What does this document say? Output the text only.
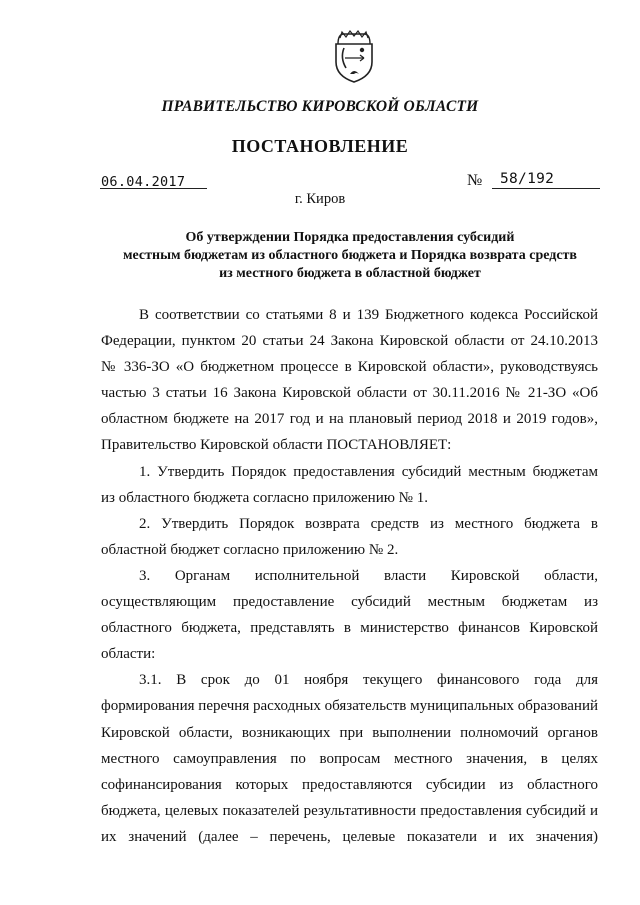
ПРАВИТЕЛЬСТВО КИРОВСКОЙ ОБЛАСТИ
ПОСТАНОВЛЕНИЕ
06.04.2017	№ 58/192
г. Киров
Об утверждении Порядка предоставления субсидий
местным бюджетам из областного бюджета и Порядка возврата средств
из местного бюджета в областной бюджет
В соответствии со статьями 8 и 139 Бюджетного кодекса Российской
Федерации, пунктом 20 статьи 24 Закона Кировской области от 24.10.2013
№ 336-ЗО «О бюджетном процессе в Кировской области», руководствуясь
частью 3 статьи 16 Закона Кировской области от 30.11.2016 № 21-ЗО «Об
областном бюджете на 2017 год и на плановый период 2018 и 2019 годов»,
Правительство Кировской области ПОСТАНОВЛЯЕТ:
1. Утвердить Порядок предоставления субсидий местным бюджетам
из областного бюджета согласно приложению № 1.
2. Утвердить Порядок возврата средств из местного бюджета в
областной бюджет согласно приложению № 2.
3. Органам исполнительной власти Кировской области,
осуществляющим предоставление субсидий местным бюджетам из
областного бюджета, представлять в министерство финансов Кировской
области:
3.1. В срок до 01 ноября текущего финансового года для
формирования перечня расходных обязательств муниципальных образований
Кировской области, возникающих при выполнении полномочий органов
местного самоуправления по вопросам местного значения, в целях
софинансирования которых предоставляются субсидии из областного
бюджета, целевых показателей результативности предоставления субсидий и
их значений (далее – перечень, целевые показатели и их значения)
